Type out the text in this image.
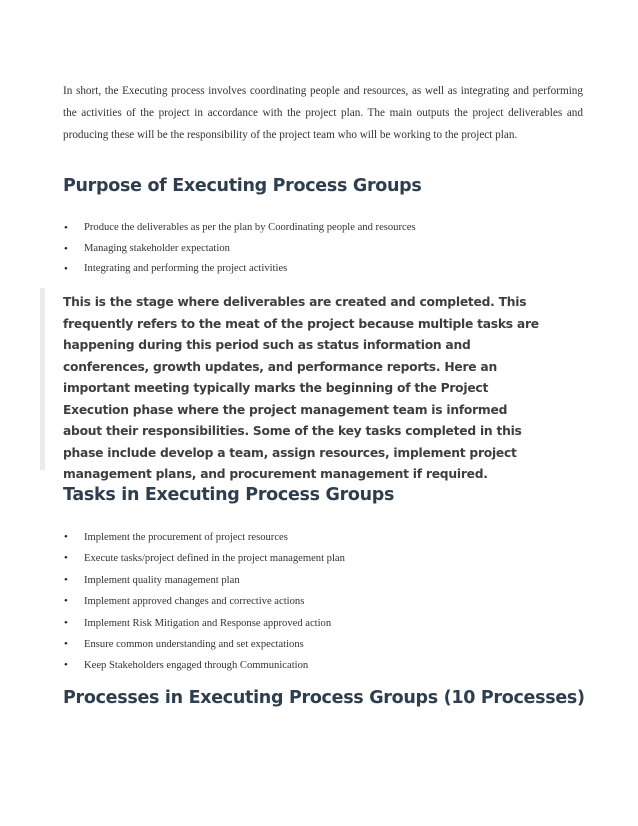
In short, the Executing process involves coordinating people and resources, as well as integrating and performing the activities of the project in accordance with the project plan. The main outputs the project deliverables and producing these will be the responsibility of the project team who will be working to the project plan.

Purpose of Executing Process Groups
• Produce the deliverables as per the plan by Coordinating people and resources
• Managing stakeholder expectation
• Integrating and performing the project activities

This is the stage where deliverables are created and completed. This frequently refers to the meat of the project because multiple tasks are happening during this period such as status information and conferences, growth updates, and performance reports. Here an important meeting typically marks the beginning of the Project Execution phase where the project management team is informed about their responsibilities. Some of the key tasks completed in this phase include develop a team, assign resources, implement project management plans, and procurement management if required.

Tasks in Executing Process Groups
• Implement the procurement of project resources
• Execute tasks/project defined in the project management plan
• Implement quality management plan
• Implement approved changes and corrective actions
• Implement Risk Mitigation and Response approved action
• Ensure common understanding and set expectations
• Keep Stakeholders engaged through Communication
Processes in Executing Process Groups (10 Processes)
